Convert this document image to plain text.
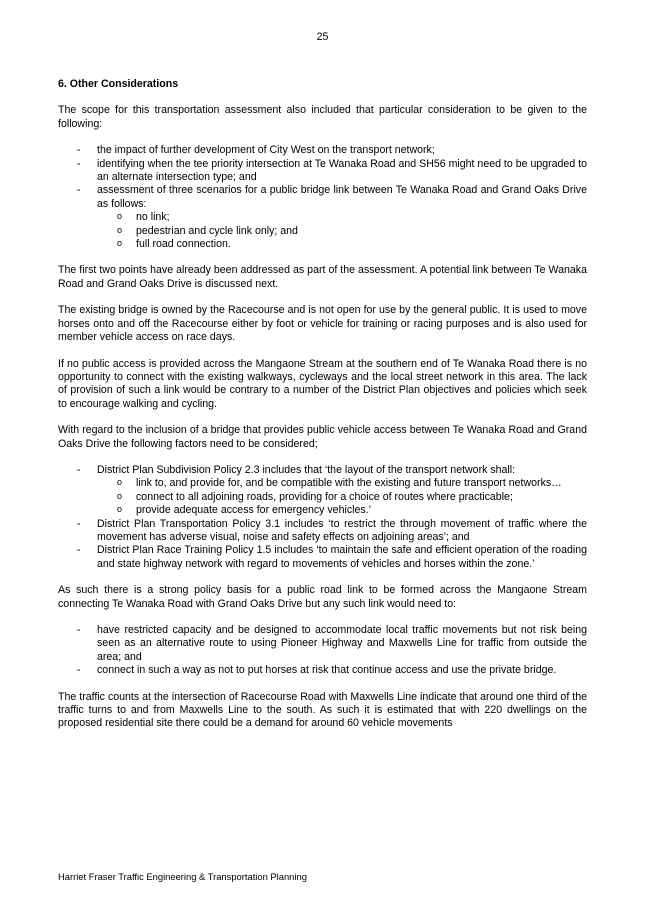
25
6. Other Considerations

The scope for this transportation assessment also included that particular consideration to be given to the following:

- the impact of further development of City West on the transport network;
- identifying when the tee priority intersection at Te Wanaka Road and SH56 might need to be upgraded to an alternate intersection type; and
- assessment of three scenarios for a public bridge link between Te Wanaka Road and Grand Oaks Drive as follows:
o no link;
o pedestrian and cycle link only; and
o full road connection.

The first two points have already been addressed as part of the assessment. A potential link between Te Wanaka Road and Grand Oaks Drive is discussed next.

The existing bridge is owned by the Racecourse and is not open for use by the general public. It is used to move horses onto and off the Racecourse either by foot or vehicle for training or racing purposes and is also used for member vehicle access on race days.

If no public access is provided across the Mangaone Stream at the southern end of Te Wanaka Road there is no opportunity to connect with the existing walkways, cycleways and the local street network in this area. The lack of provision of such a link would be contrary to a number of the District Plan objectives and policies which seek to encourage walking and cycling.

With regard to the inclusion of a bridge that provides public vehicle access between Te Wanaka Road and Grand Oaks Drive the following factors need to be considered;

- District Plan Subdivision Policy 2.3 includes that ‘the layout of the transport network shall:
o link to, and provide for, and be compatible with the existing and future transport networks…
o connect to all adjoining roads, providing for a choice of routes where practicable;
o provide adequate access for emergency vehicles.’
- District Plan Transportation Policy 3.1 includes ‘to restrict the through movement of traffic where the movement has adverse visual, noise and safety effects on adjoining areas’; and
- District Plan Race Training Policy 1.5 includes ‘to maintain the safe and efficient operation of the roading and state highway network with regard to movements of vehicles and horses within the zone.’

As such there is a strong policy basis for a public road link to be formed across the Mangaone Stream connecting Te Wanaka Road with Grand Oaks Drive but any such link would need to:

- have restricted capacity and be designed to accommodate local traffic movements but not risk being seen as an alternative route to using Pioneer Highway and Maxwells Line for traffic from outside the area; and
- connect in such a way as not to put horses at risk that continue access and use the private bridge.

The traffic counts at the intersection of Racecourse Road with Maxwells Line indicate that around one third of the traffic turns to and from Maxwells Line to the south. As such it is estimated that with 220 dwellings on the proposed residential site there could be a demand for around 60 vehicle movements

Harriet Fraser Traffic Engineering & Transportation Planning
